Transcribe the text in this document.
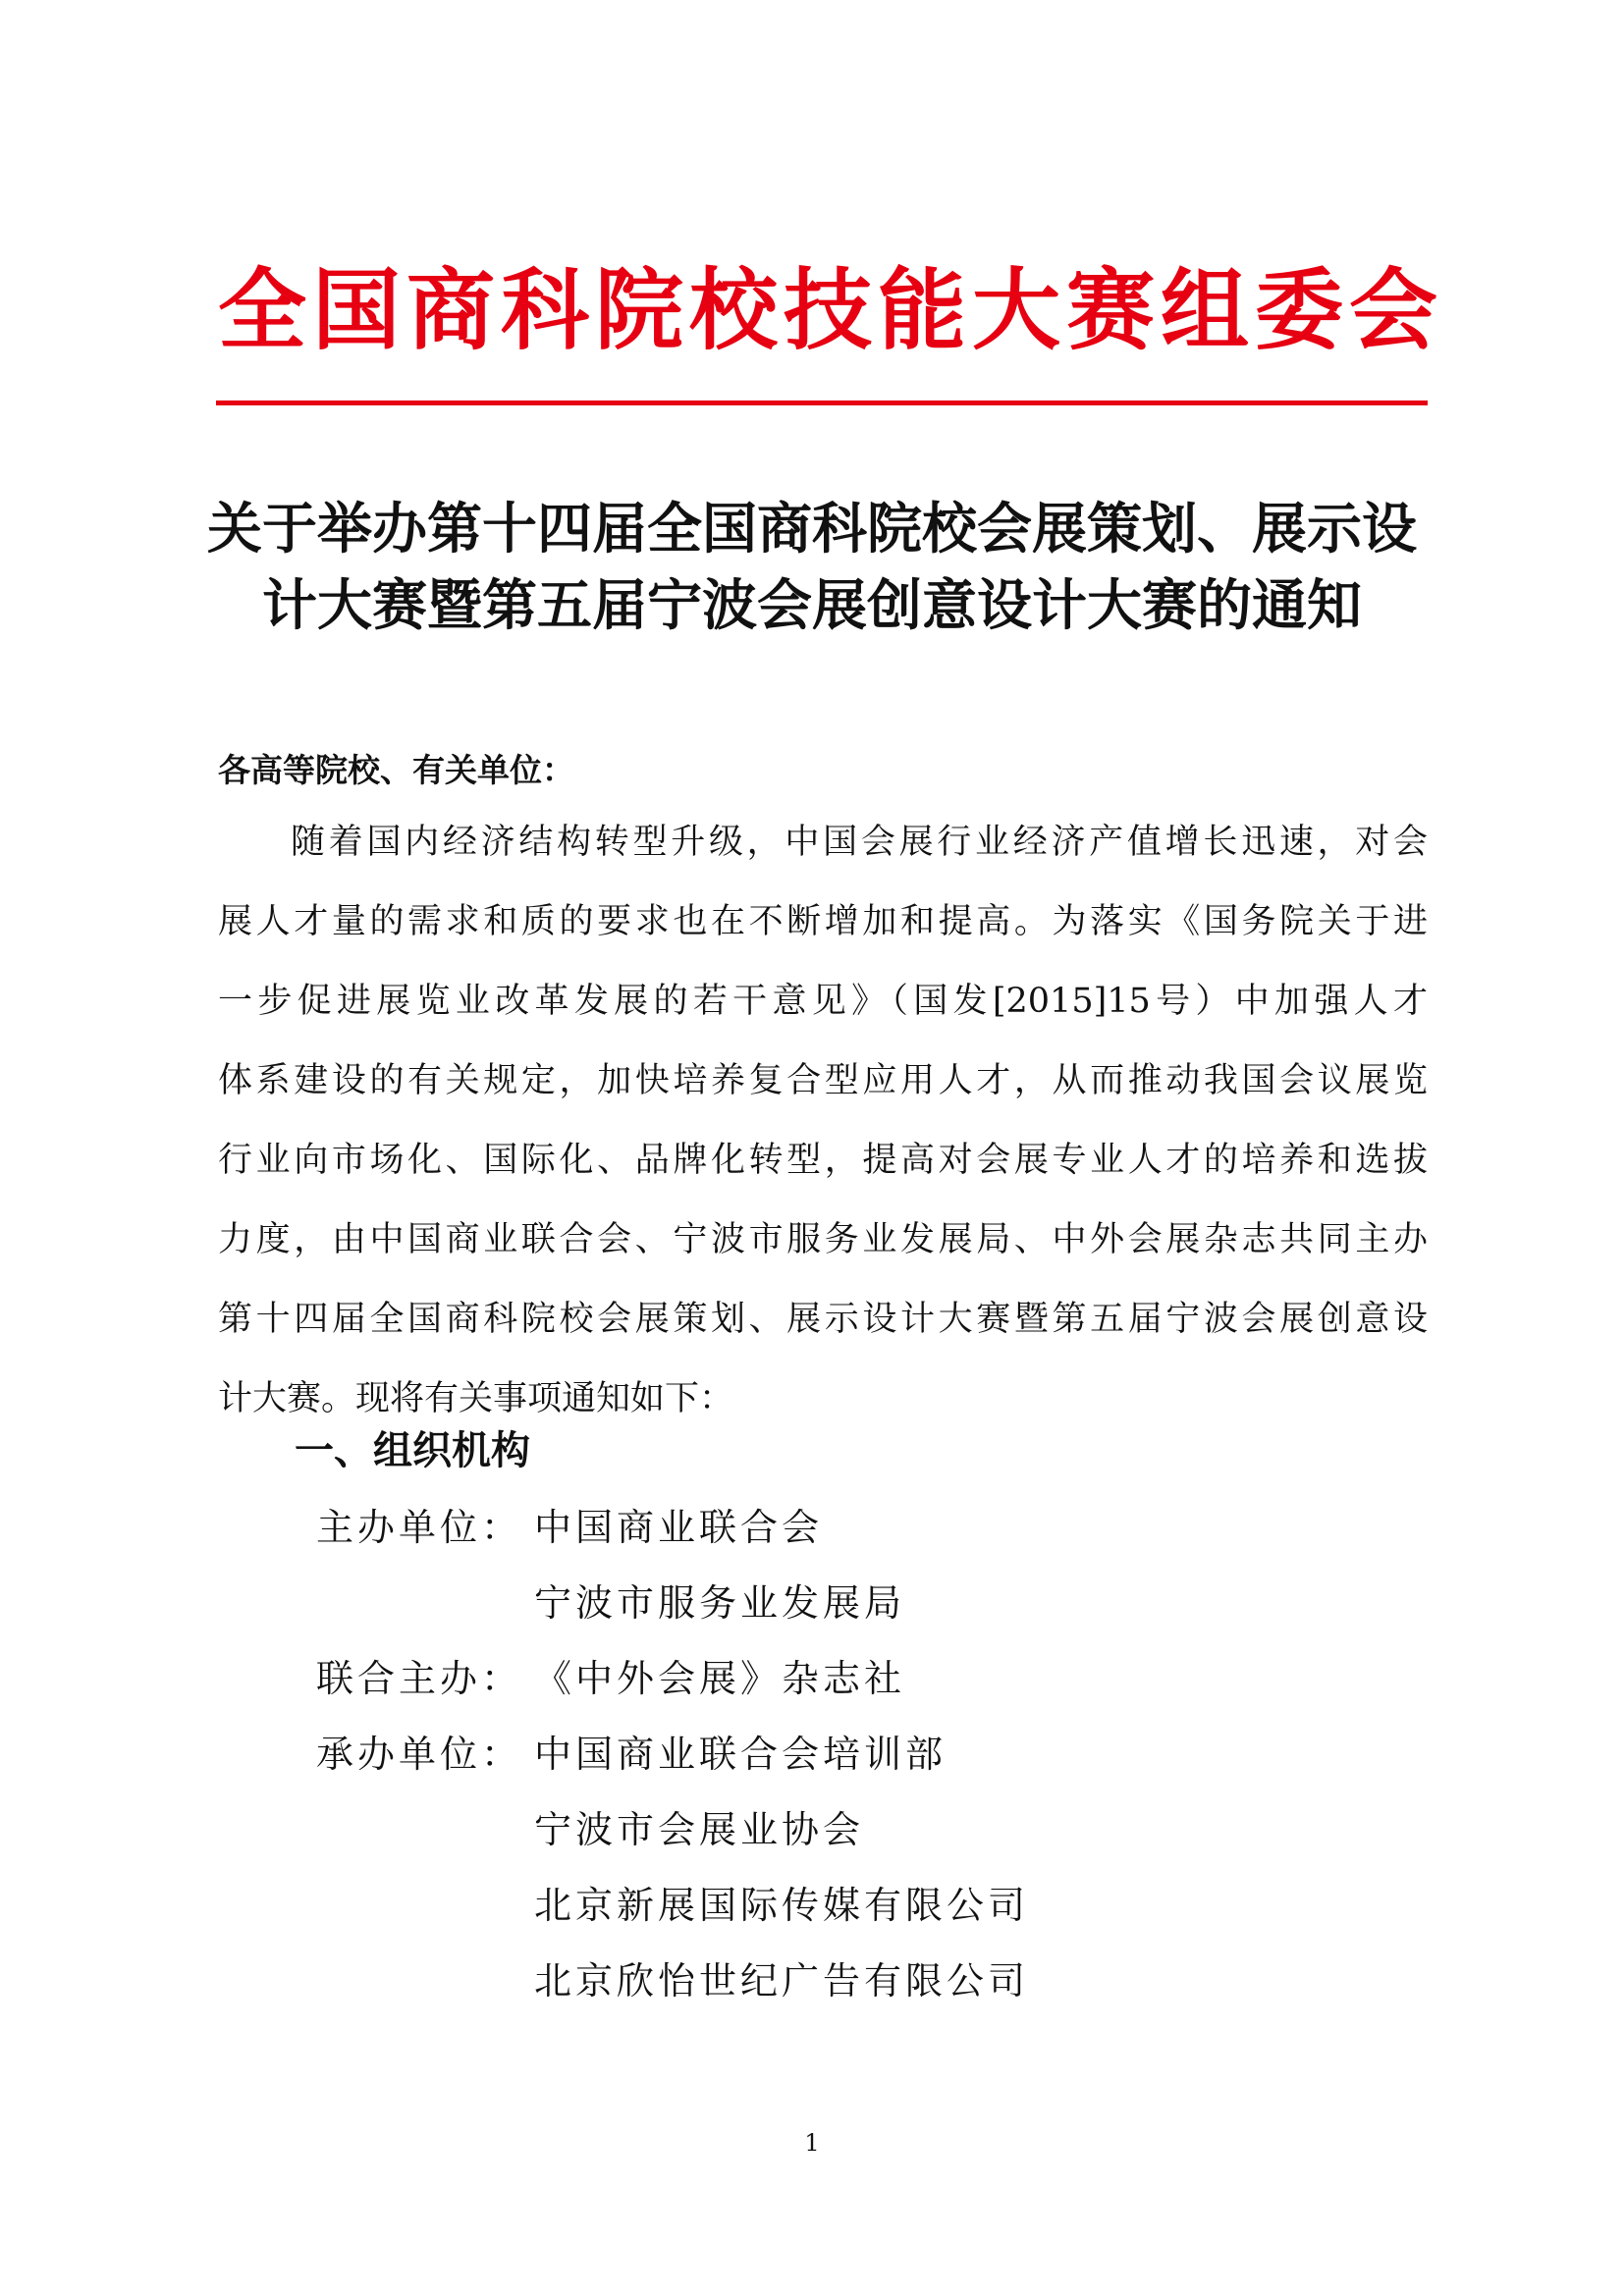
全国商科院校技能大赛组委会
关于举办第十四届全国商科院校会展策划、展示设
计大赛暨第五届宁波会展创意设计大赛的通知
各高等院校、有关单位：
随着国内经济结构转型升级，中国会展行业经济产值增长迅速，对会
展人才量的需求和质的要求也在不断增加和提高。为落实《国务院关于进
一步促进展览业改革发展的若干意见》（国发[2015]15号）中加强人才
体系建设的有关规定，加快培养复合型应用人才，从而推动我国会议展览
行业向市场化、国际化、品牌化转型，提高对会展专业人才的培养和选拔
力度，由中国商业联合会、宁波市服务业发展局、中外会展杂志共同主办
第十四届全国商科院校会展策划、展示设计大赛暨第五届宁波会展创意设
计大赛。现将有关事项通知如下：
一、组织机构
主办单位： 中国商业联合会
宁波市服务业发展局
联合主办： 《中外会展》杂志社
承办单位： 中国商业联合会培训部
宁波市会展业协会
北京新展国际传媒有限公司
北京欣怡世纪广告有限公司
1
